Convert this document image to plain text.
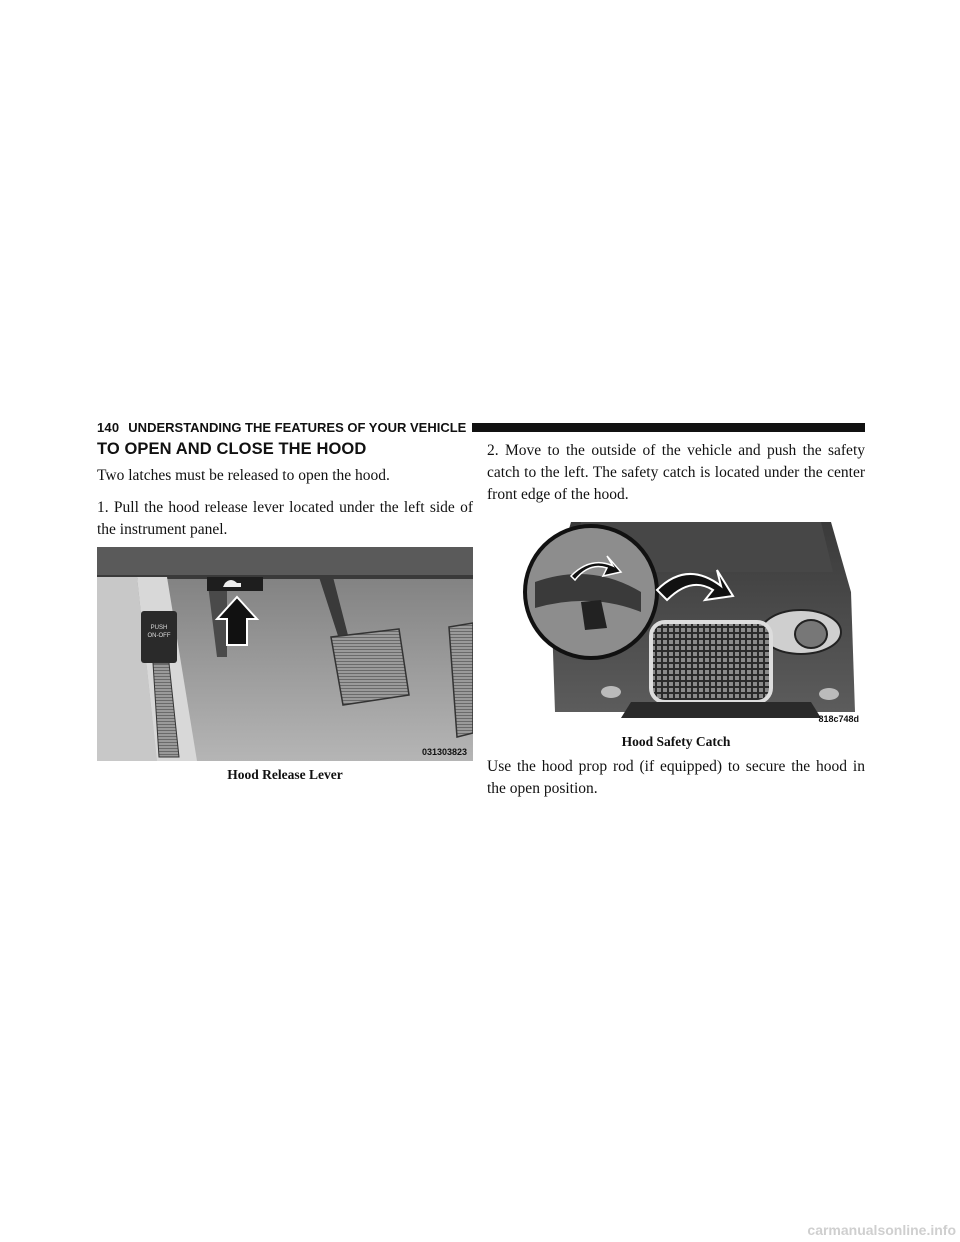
140 UNDERSTANDING THE FEATURES OF YOUR VEHICLE
TO OPEN AND CLOSE THE HOOD

Two latches must be released to open the hood.

1. Pull the hood release lever located under the left side of the instrument panel.

PUSH
ON-OFF
031303823
Hood Release Lever

2. Move to the outside of the vehicle and push the safety catch to the left. The safety catch is located under the center front edge of the hood.

818c748d
Hood Safety Catch

Use the hood prop rod (if equipped) to secure the hood in the open position.

carmanualsonline.info
